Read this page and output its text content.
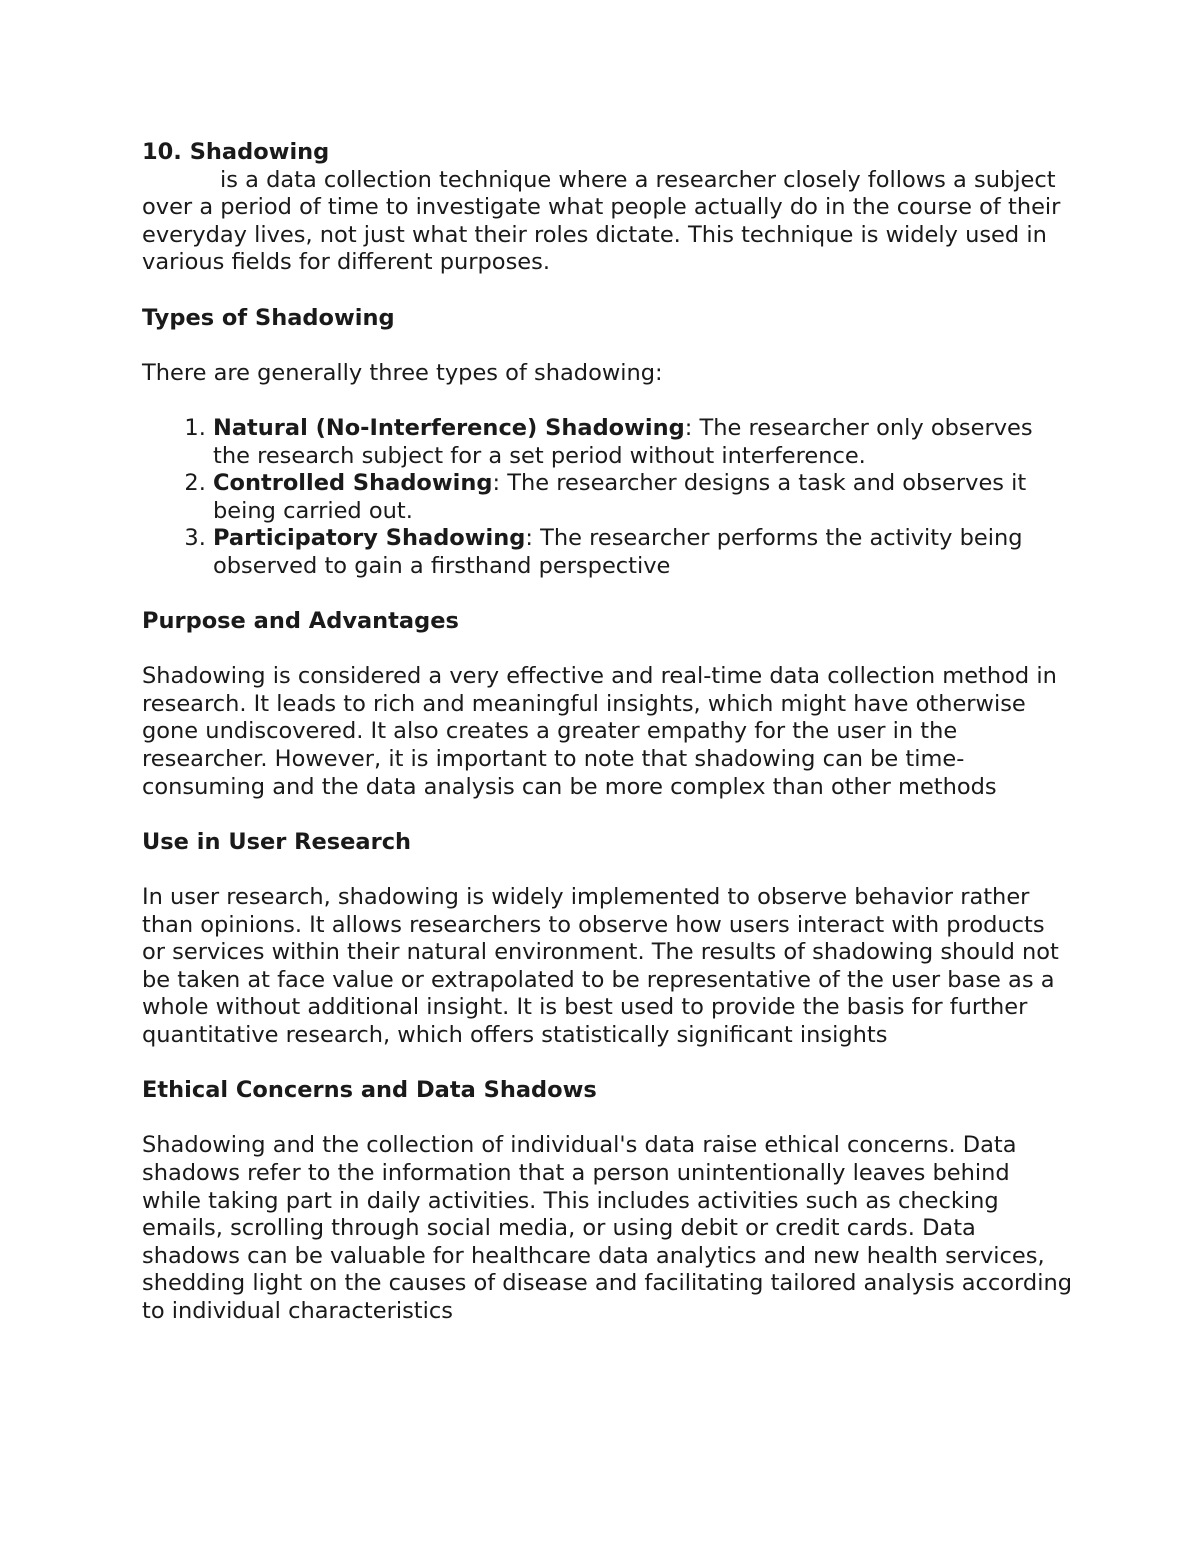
10. Shadowing

is a data collection technique where a researcher closely follows a subject over a period of time to investigate what people actually do in the course of their everyday lives, not just what their roles dictate. This technique is widely used in various fields for different purposes.

Types of Shadowing

There are generally three types of shadowing:

1. Natural (No-Interference) Shadowing: The researcher only observes the research subject for a set period without interference.
2. Controlled Shadowing: The researcher designs a task and observes it being carried out.
3. Participatory Shadowing: The researcher performs the activity being observed to gain a firsthand perspective

Purpose and Advantages

Shadowing is considered a very effective and real-time data collection method in research. It leads to rich and meaningful insights, which might have otherwise gone undiscovered. It also creates a greater empathy for the user in the researcher. However, it is important to note that shadowing can be time-consuming and the data analysis can be more complex than other methods

Use in User Research

In user research, shadowing is widely implemented to observe behavior rather than opinions. It allows researchers to observe how users interact with products or services within their natural environment. The results of shadowing should not be taken at face value or extrapolated to be representative of the user base as a whole without additional insight. It is best used to provide the basis for further quantitative research, which offers statistically significant insights

Ethical Concerns and Data Shadows

Shadowing and the collection of individual's data raise ethical concerns. Data shadows refer to the information that a person unintentionally leaves behind while taking part in daily activities. This includes activities such as checking emails, scrolling through social media, or using debit or credit cards. Data shadows can be valuable for healthcare data analytics and new health services, shedding light on the causes of disease and facilitating tailored analysis according to individual characteristics
